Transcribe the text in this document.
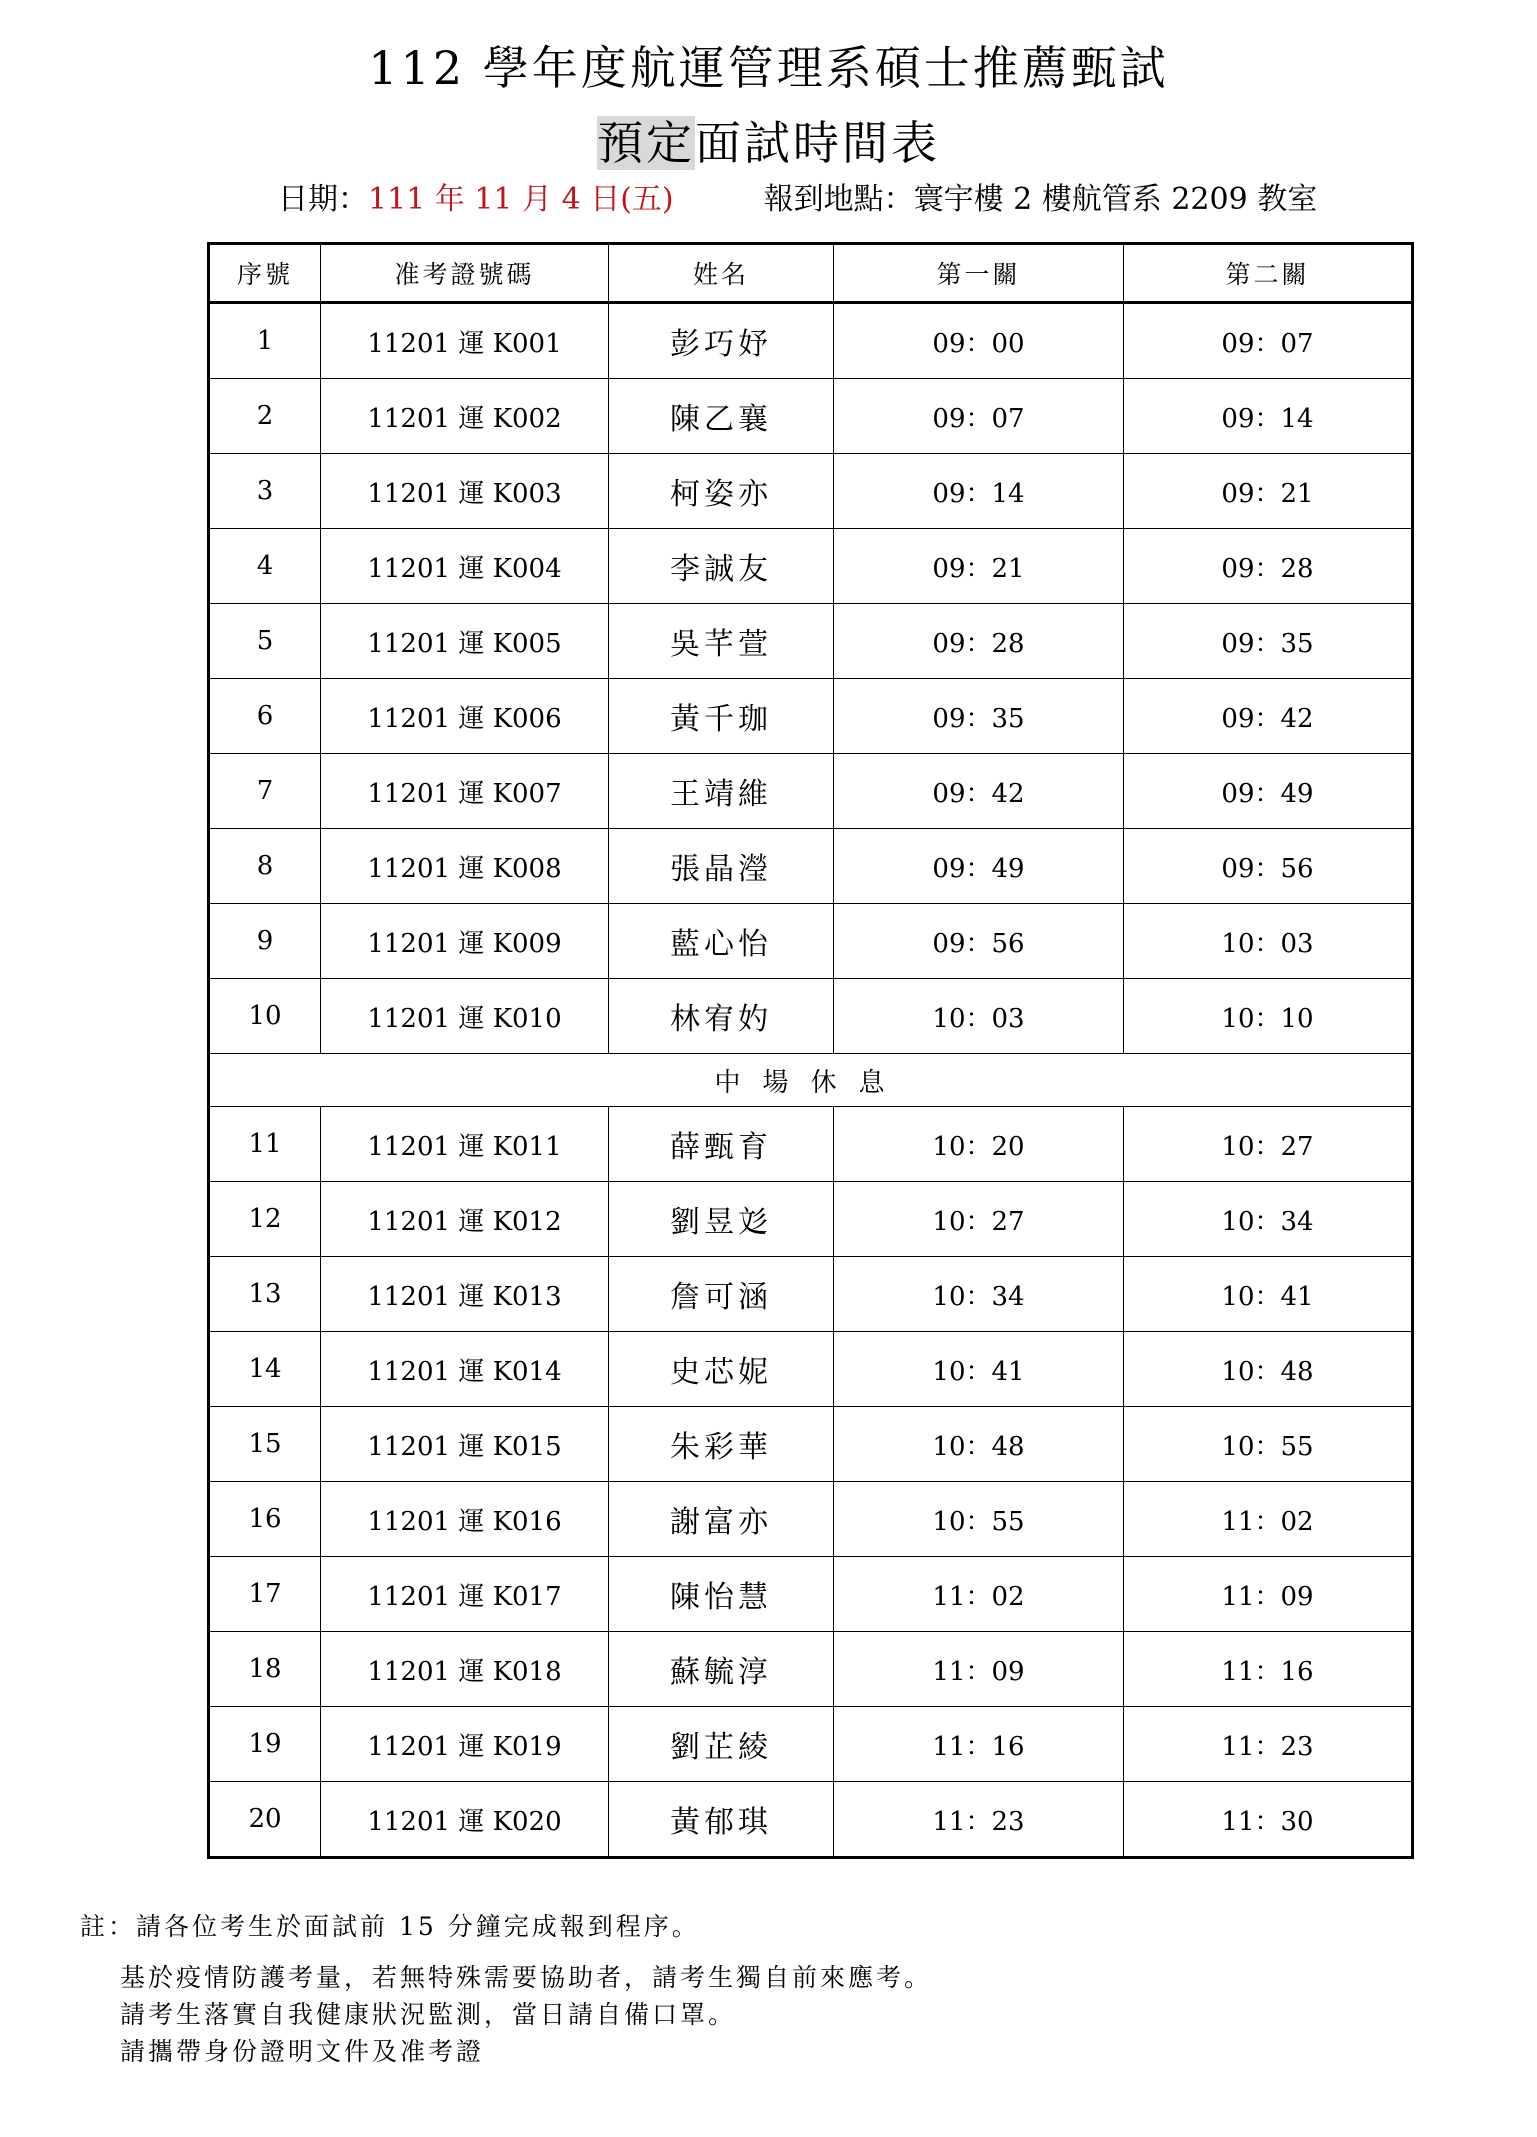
112 學年度航運管理系碩士推薦甄試
預定面試時間表
日期：111 年 11 月 4 日(五)	報到地點：寰宇樓 2 樓航管系 2209 教室
序號	准考證號碼	姓名	第一關	第二關
1	11201 運 K001	彭巧妤	09：00	09：07
2	11201 運 K002	陳乙襄	09：07	09：14
3	11201 運 K003	柯姿亦	09：14	09：21
4	11201 運 K004	李誠友	09：21	09：28
5	11201 運 K005	吳芊萱	09：28	09：35
6	11201 運 K006	黃千珈	09：35	09：42
7	11201 運 K007	王靖維	09：42	09：49
8	11201 運 K008	張晶瀅	09：49	09：56
9	11201 運 K009	藍心怡	09：56	10：03
10	11201 運 K010	林宥妁	10：03	10：10
中場休息				
11	11201 運 K011	薛甄育	10：20	10：27
12	11201 運 K012	劉昱彣	10：27	10：34
13	11201 運 K013	詹可涵	10：34	10：41
14	11201 運 K014	史芯妮	10：41	10：48
15	11201 運 K015	朱彩華	10：48	10：55
16	11201 運 K016	謝富亦	10：55	11：02
17	11201 運 K017	陳怡慧	11：02	11：09
18	11201 運 K018	蘇毓淳	11：09	11：16
19	11201 運 K019	劉芷綾	11：16	11：23
20	11201 運 K020	黃郁琪	11：23	11：30
註：請各位考生於面試前 15 分鐘完成報到程序。
基於疫情防護考量，若無特殊需要協助者，請考生獨自前來應考。
請考生落實自我健康狀況監測，當日請自備口罩。
請攜帶身份證明文件及准考證
